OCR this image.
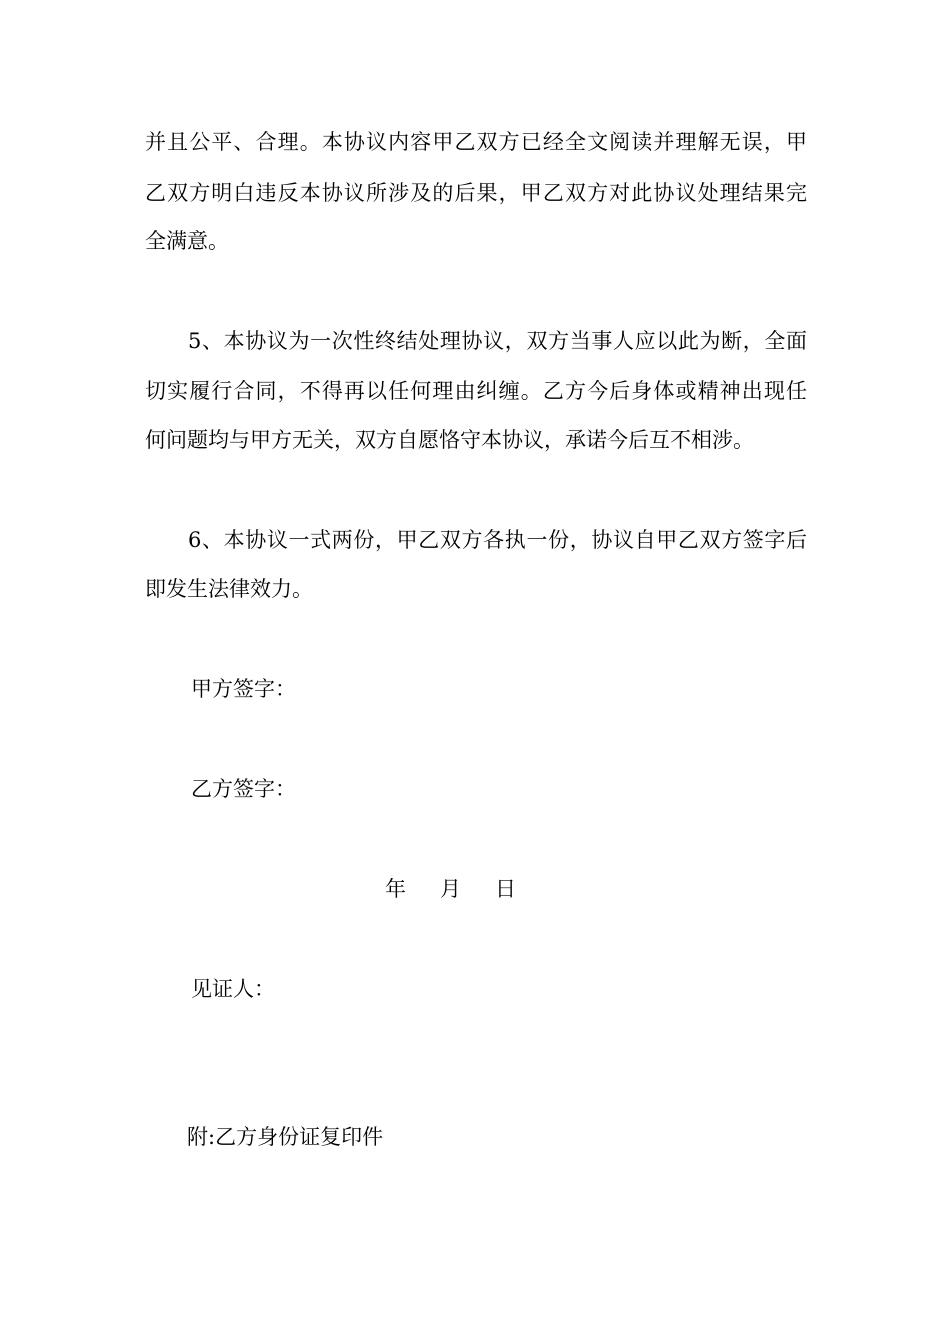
并且公平、合理。本协议内容甲乙双方已经全文阅读并理解无误，甲
乙双方明白违反本协议所涉及的后果，甲乙双方对此协议处理结果完
全满意。
5、本协议为一次性终结处理协议，双方当事人应以此为断，全面
切实履行合同，不得再以任何理由纠缠。乙方今后身体或精神出现任
何问题均与甲方无关，双方自愿恪守本协议，承诺今后互不相涉。
6、本协议一式两份，甲乙双方各执一份，协议自甲乙双方签字后
即发生法律效力。
甲方签字：
乙方签字：
年 月 日
见证人：
附:乙方身份证复印件
